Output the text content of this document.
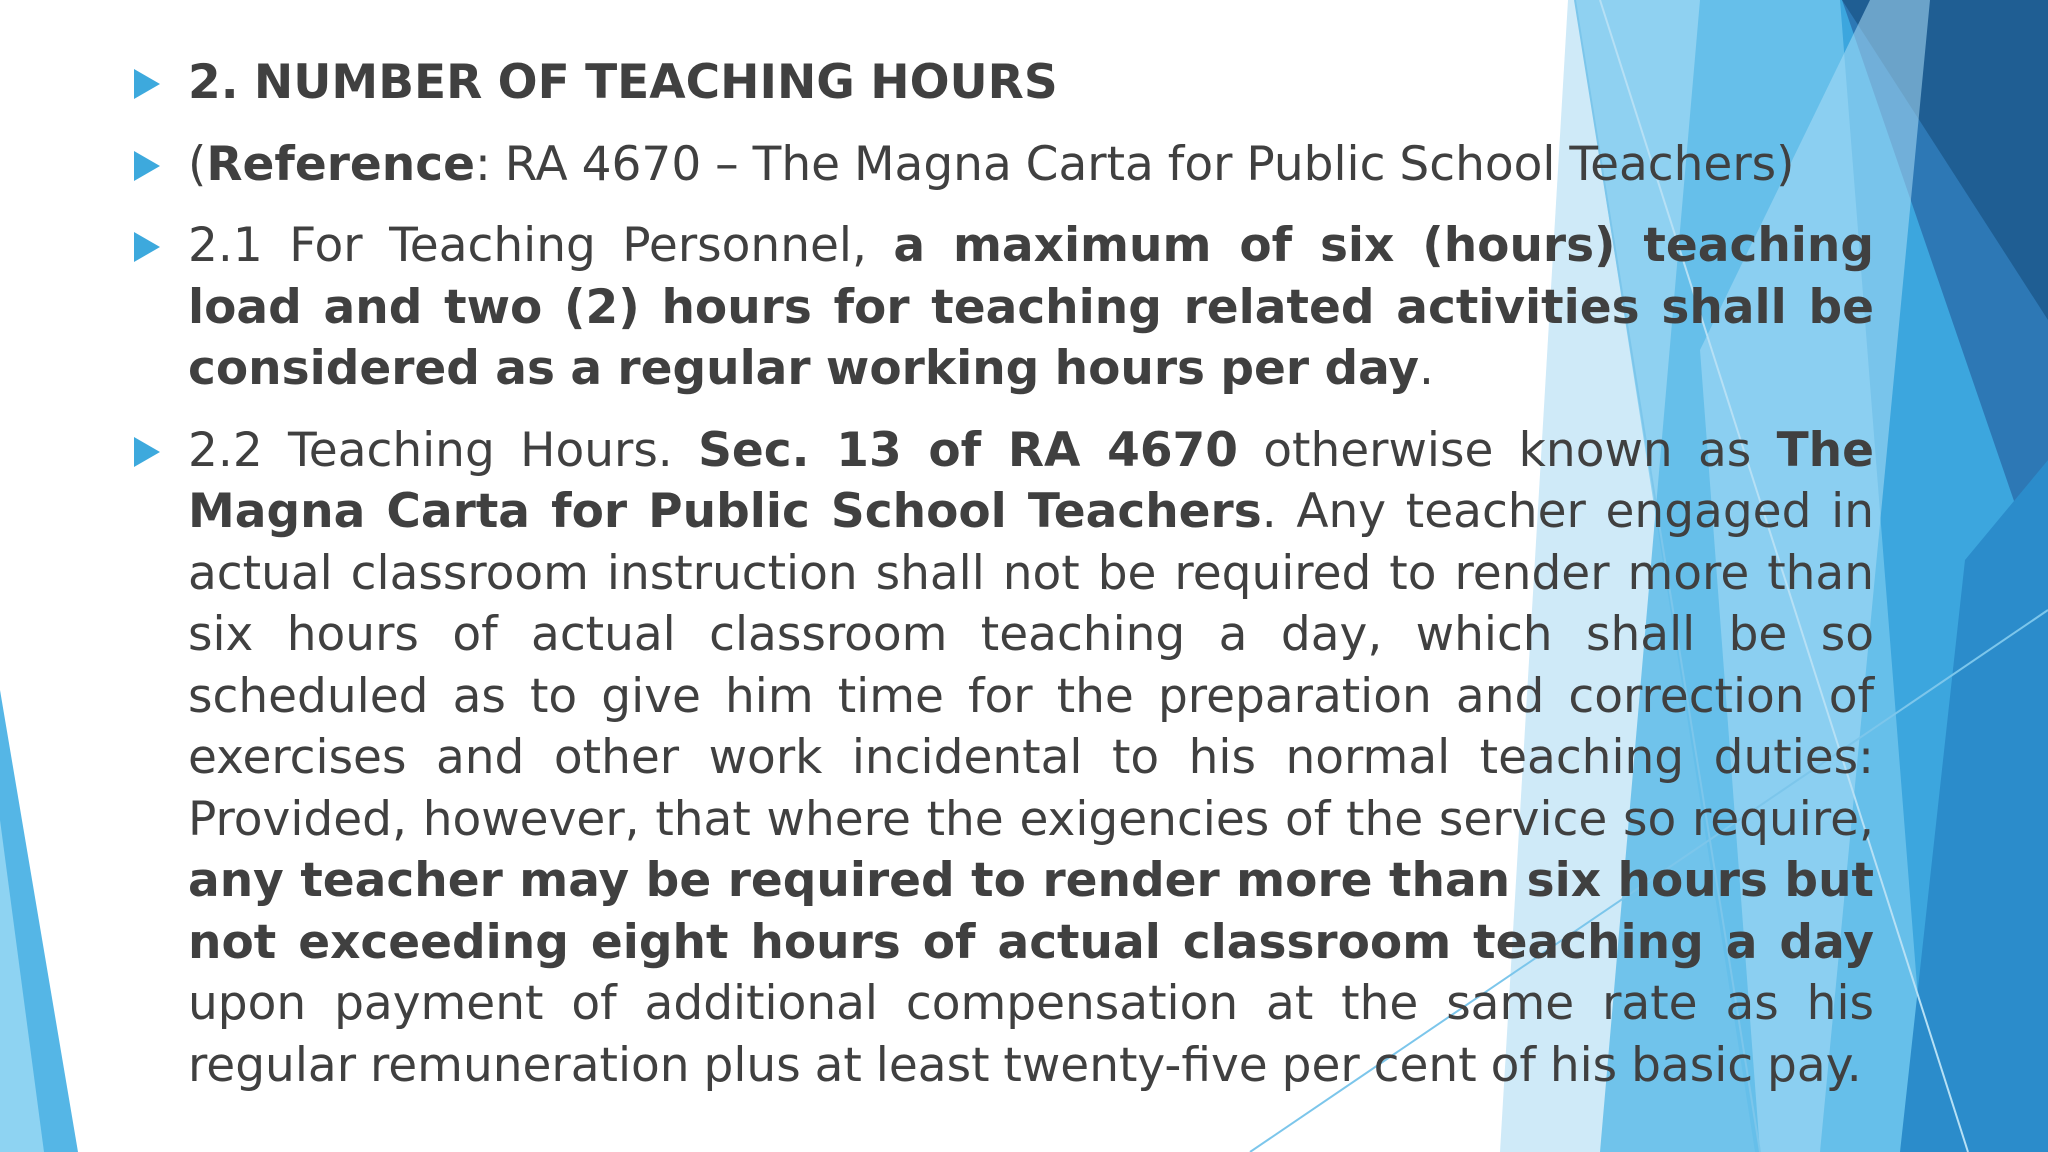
2. NUMBER OF TEACHING HOURS
(Reference: RA 4670 – The Magna Carta for Public School Teachers)
2.1 For Teaching Personnel, a maximum of six (hours) teaching load and two (2) hours for teaching related activities shall be considered as a regular working hours per day.
2.2 Teaching Hours. Sec. 13 of RA 4670 otherwise known as The Magna Carta for Public School Teachers. Any teacher engaged in actual classroom instruction shall not be required to render more than six hours of actual classroom teaching a day, which shall be so scheduled as to give him time for the preparation and correction of exercises and other work incidental to his normal teaching duties: Provided, however, that where the exigencies of the service so require, any teacher may be required to render more than six hours but not exceeding eight hours of actual classroom teaching a day upon payment of additional compensation at the same rate as his regular remuneration plus at least twenty-five per cent of his basic pay.
